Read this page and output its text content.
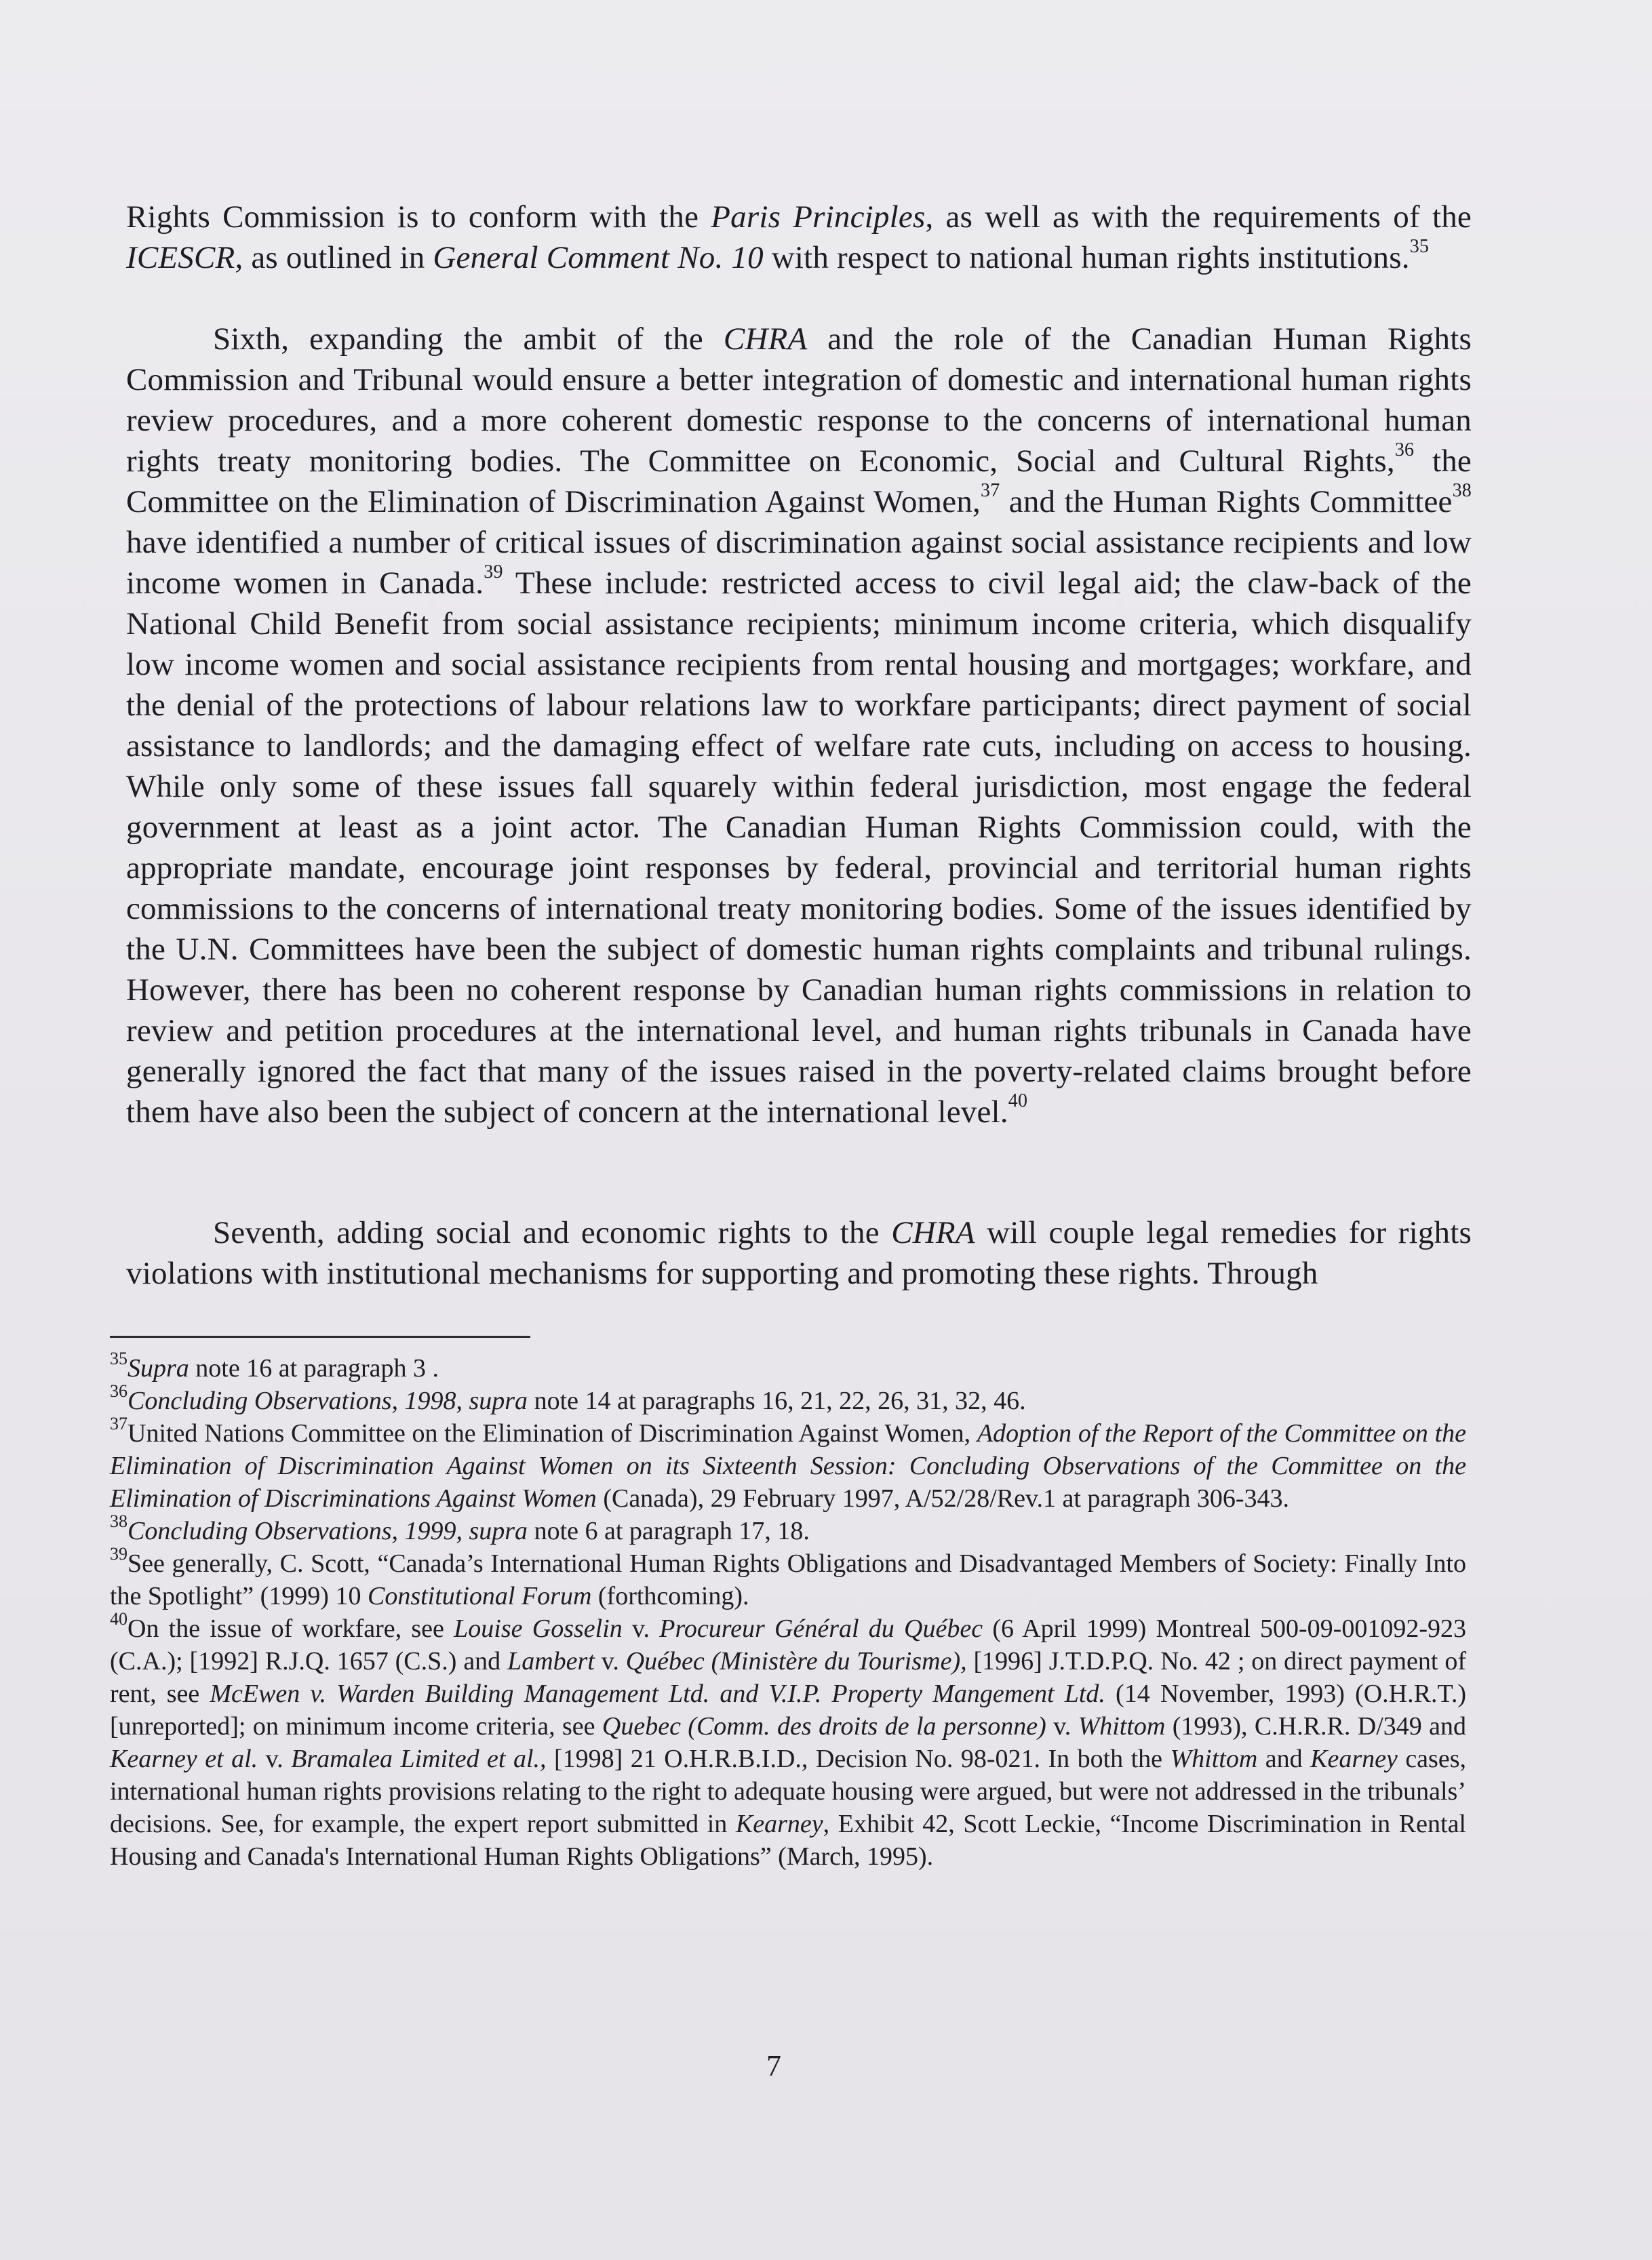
Rights Commission is to conform with the Paris Principles, as well as with the requirements of the ICESCR, as outlined in General Comment No. 10 with respect to national human rights institutions.$^{35}$

Sixth, expanding the ambit of the CHRA and the role of the Canadian Human Rights Commission and Tribunal would ensure a better integration of domestic and international human rights review procedures, and a more coherent domestic response to the concerns of international human rights treaty monitoring bodies. The Committee on Economic, Social and Cultural Rights,$^{36}$ the Committee on the Elimination of Discrimination Against Women,$^{37}$ and the Human Rights Committee$^{38}$ have identified a number of critical issues of discrimination against social assistance recipients and low income women in Canada.$^{39}$ These include: restricted access to civil legal aid; the claw-back of the National Child Benefit from social assistance recipients; minimum income criteria, which disqualify low income women and social assistance recipients from rental housing and mortgages; workfare, and the denial of the protections of labour relations law to workfare participants; direct payment of social assistance to landlords; and the damaging effect of welfare rate cuts, including on access to housing. While only some of these issues fall squarely within federal jurisdiction, most engage the federal government at least as a joint actor. The Canadian Human Rights Commission could, with the appropriate mandate, encourage joint responses by federal, provincial and territorial human rights commissions to the concerns of international treaty monitoring bodies. Some of the issues identified by the U.N. Committees have been the subject of domestic human rights complaints and tribunal rulings. However, there has been no coherent response by Canadian human rights commissions in relation to review and petition procedures at the international level, and human rights tribunals in Canada have generally ignored the fact that many of the issues raised in the poverty-related claims brought before them have also been the subject of concern at the international level.$^{40}$

Seventh, adding social and economic rights to the CHRA will couple legal remedies for rights violations with institutional mechanisms for supporting and promoting these rights. Through

$^{35}$Supra note 16 at paragraph 3 .

$^{36}$Concluding Observations, 1998, supra note 14 at paragraphs 16, 21, 22, 26, 31, 32, 46.

$^{37}$United Nations Committee on the Elimination of Discrimination Against Women, Adoption of the Report of the Committee on the Elimination of Discrimination Against Women on its Sixteenth Session: Concluding Observations of the Committee on the Elimination of Discriminations Against Women (Canada), 29 February 1997, A/52/28/Rev.1 at paragraph 306-343.

$^{38}$Concluding Observations, 1999, supra note 6 at paragraph 17, 18.

$^{39}$See generally, C. Scott, “Canada’s International Human Rights Obligations and Disadvantaged Members of Society: Finally Into the Spotlight” (1999) 10 Constitutional Forum (forthcoming).

$^{40}$On the issue of workfare, see Louise Gosselin v. Procureur Général du Québec (6 April 1999) Montreal 500-09-001092-923 (C.A.); [1992] R.J.Q. 1657 (C.S.) and Lambert v. Québec (Ministère du Tourisme), [1996] J.T.D.P.Q. No. 42 ; on direct payment of rent, see McEwen v. Warden Building Management Ltd. and V.I.P. Property Mangement Ltd. (14 November, 1993) (O.H.R.T.) [unreported]; on minimum income criteria, see Quebec (Comm. des droits de la personne) v. Whittom (1993), C.H.R.R. D/349 and Kearney et al. v. Bramalea Limited et al., [1998] 21 O.H.R.B.I.D., Decision No. 98-021. In both the Whittom and Kearney cases, international human rights provisions relating to the right to adequate housing were argued, but were not addressed in the tribunals’ decisions. See, for example, the expert report submitted in Kearney, Exhibit 42, Scott Leckie, “Income Discrimination in Rental Housing and Canada's International Human Rights Obligations” (March, 1995).

7
